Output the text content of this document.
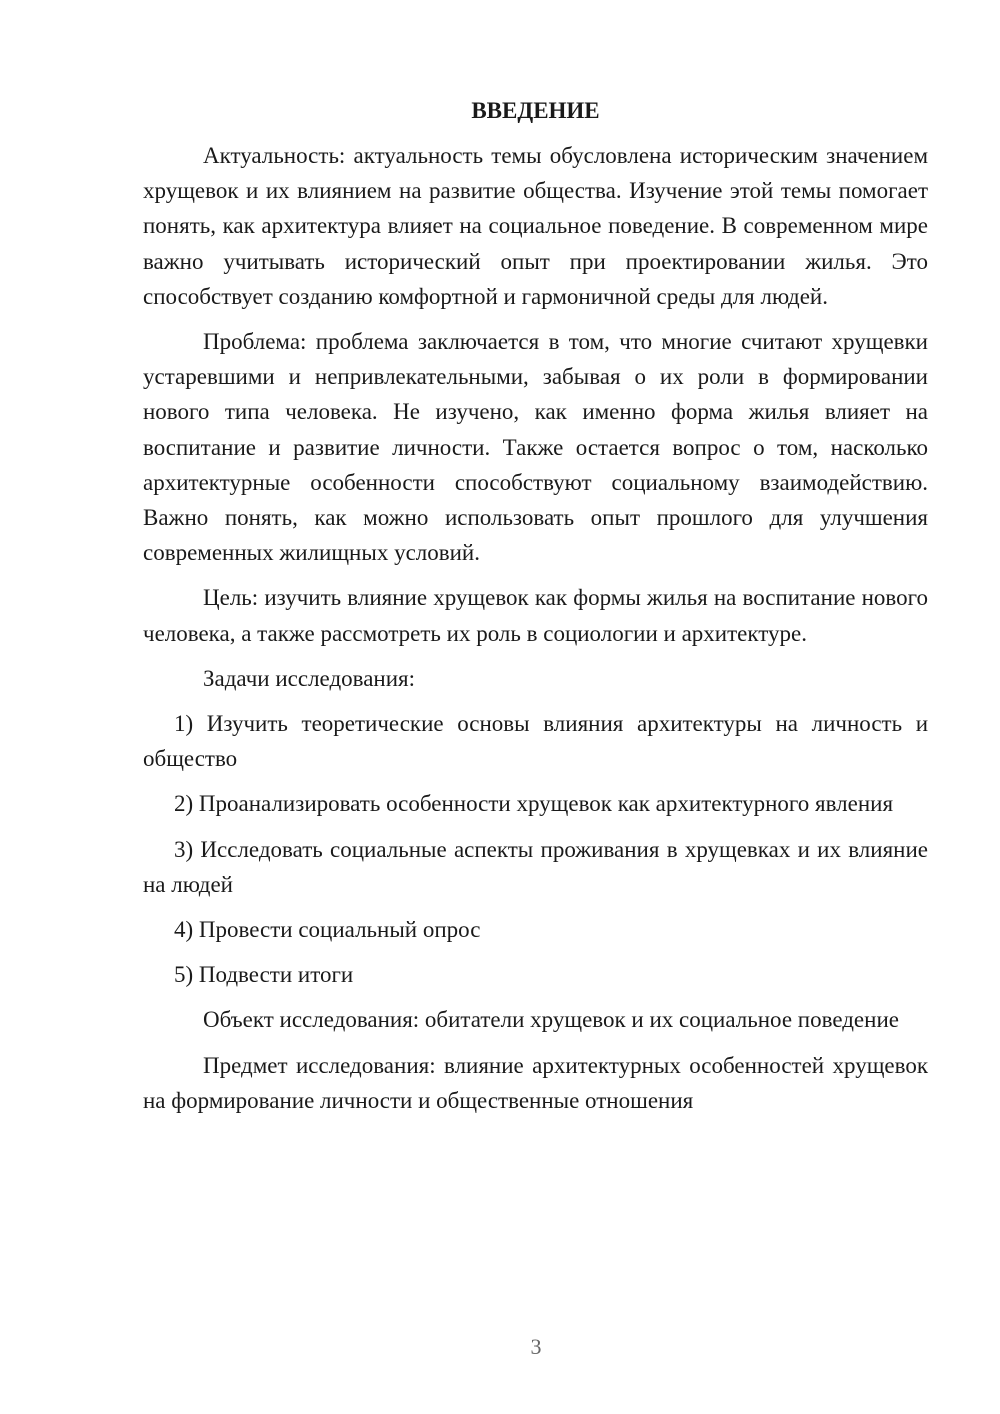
ВВЕДЕНИЕ

Актуальность: актуальность темы обусловлена историческим значением хрущевок и их влиянием на развитие общества. Изучение этой темы помогает понять, как архитектура влияет на социальное поведение. В современном мире важно учитывать исторический опыт при проектировании жилья. Это способствует созданию комфортной и гармоничной среды для людей.

Проблема: проблема заключается в том, что многие считают хрущевки устаревшими и непривлекательными, забывая о их роли в формировании нового типа человека. Не изучено, как именно форма жилья влияет на воспитание и развитие личности. Также остается вопрос о том, насколько архитектурные особенности способствуют социальному взаимодействию. Важно понять, как можно использовать опыт прошлого для улучшения современных жилищных условий.

Цель: изучить влияние хрущевок как формы жилья на воспитание нового человека, а также рассмотреть их роль в социологии и архитектуре.

Задачи исследования:

1) Изучить теоретические основы влияния архитектуры на личность и общество

2) Проанализировать особенности хрущевок как архитектурного явления

3) Исследовать социальные аспекты проживания в хрущевках и их влияние на людей

4) Провести социальный опрос

5) Подвести итоги

Объект исследования: обитатели хрущевок и их социальное поведение

Предмет исследования: влияние архитектурных особенностей хрущевок на формирование личности и общественные отношения

3
